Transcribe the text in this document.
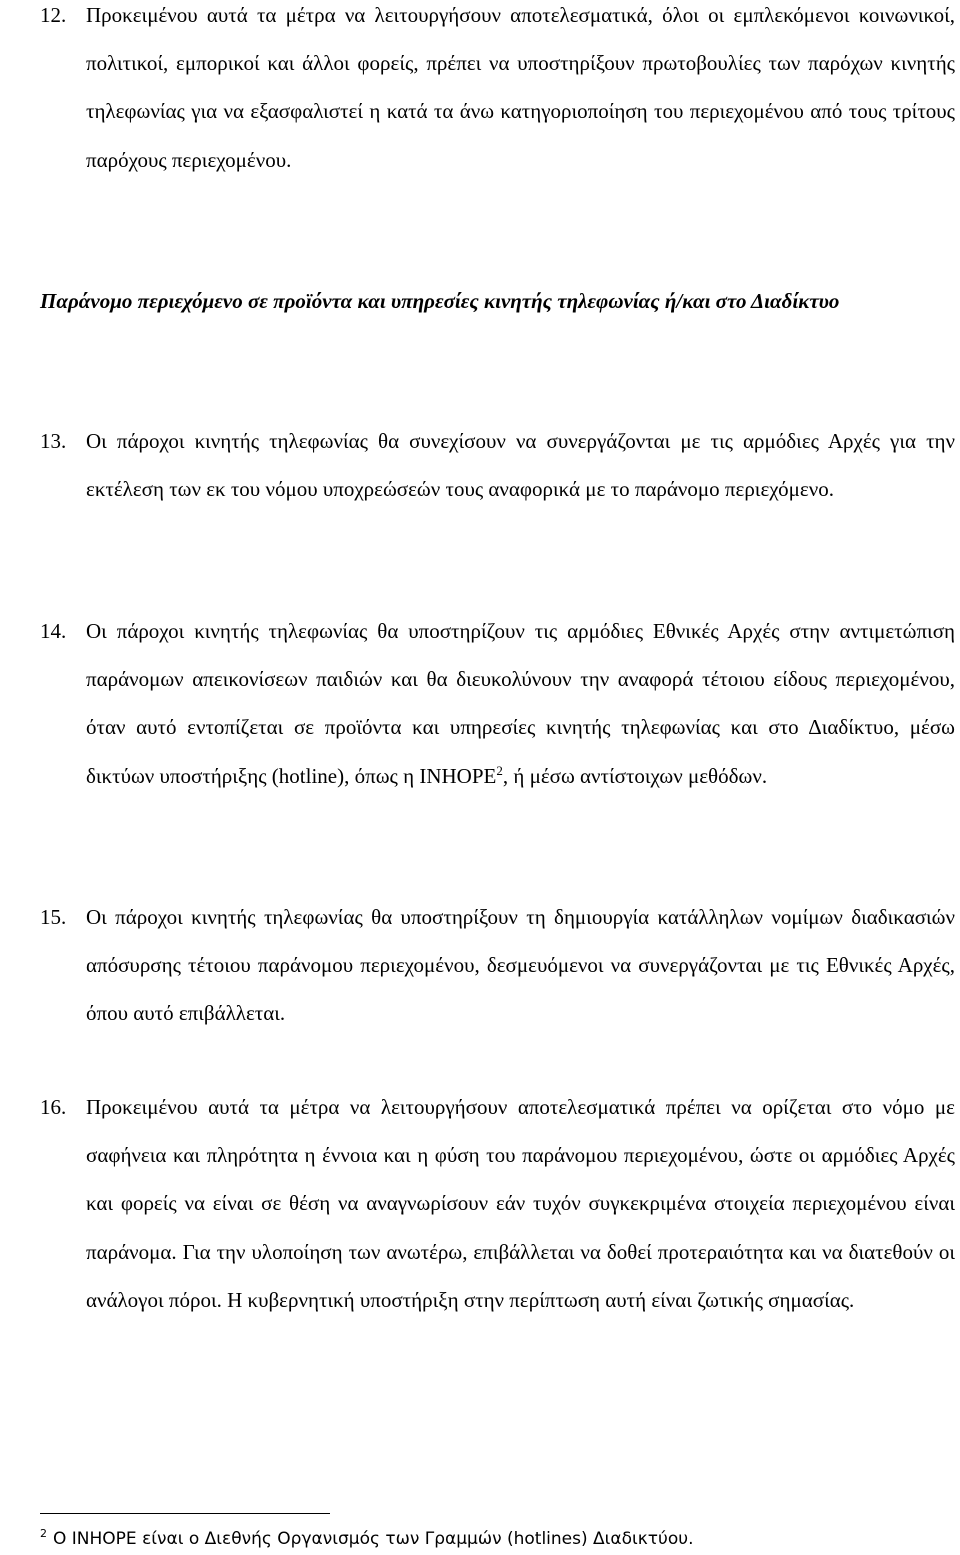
12. Προκειμένου αυτά τα μέτρα να λειτουργήσουν αποτελεσματικά, όλοι οι εμπλεκόμενοι κοινωνικοί, πολιτικοί, εμπορικοί και άλλοι φορείς, πρέπει να υποστηρίξουν πρωτοβουλίες των παρόχων κινητής τηλεφωνίας για να εξασφαλιστεί η κατά τα άνω κατηγοριοποίηση του περιεχομένου από τους τρίτους παρόχους περιεχομένου.
Παράνομο περιεχόμενο σε προϊόντα και υπηρεσίες κινητής τηλεφωνίας ή/και στο Διαδίκτυο
13. Οι πάροχοι κινητής τηλεφωνίας θα συνεχίσουν να συνεργάζονται με τις αρμόδιες Αρχές για την εκτέλεση των εκ του νόμου υποχρεώσεών τους αναφορικά με το παράνομο περιεχόμενο.
14. Οι πάροχοι κινητής τηλεφωνίας θα υποστηρίζουν τις αρμόδιες Εθνικές Αρχές στην αντιμετώπιση παράνομων απεικονίσεων παιδιών και θα διευκολύνουν την αναφορά τέτοιου είδους περιεχομένου, όταν αυτό εντοπίζεται σε προϊόντα και υπηρεσίες κινητής τηλεφωνίας και στο Διαδίκτυο, μέσω δικτύων υποστήριξης (hotline), όπως η INHOPE$^2$, ή μέσω αντίστοιχων μεθόδων.
15. Οι πάροχοι κινητής τηλεφωνίας θα υποστηρίξουν τη δημιουργία κατάλληλων νομίμων διαδικασιών απόσυρσης τέτοιου παράνομου περιεχομένου, δεσμευόμενοι να συνεργάζονται με τις Εθνικές Αρχές, όπου αυτό επιβάλλεται.
16. Προκειμένου αυτά τα μέτρα να λειτουργήσουν αποτελεσματικά πρέπει να ορίζεται στο νόμο με σαφήνεια και πληρότητα η έννοια και η φύση του παράνομου περιεχομένου, ώστε οι αρμόδιες Αρχές και φορείς να είναι σε θέση να αναγνωρίσουν εάν τυχόν συγκεκριμένα στοιχεία περιεχομένου είναι παράνομα. Για την υλοποίηση των ανωτέρω, επιβάλλεται να δοθεί προτεραιότητα και να διατεθούν οι ανάλογοι πόροι. Η κυβερνητική υποστήριξη στην περίπτωση αυτή είναι ζωτικής σημασίας.
$^2$ Ο INHOPE είναι ο Διεθνής Οργανισμός των Γραμμών (hotlines) Διαδικτύου.
